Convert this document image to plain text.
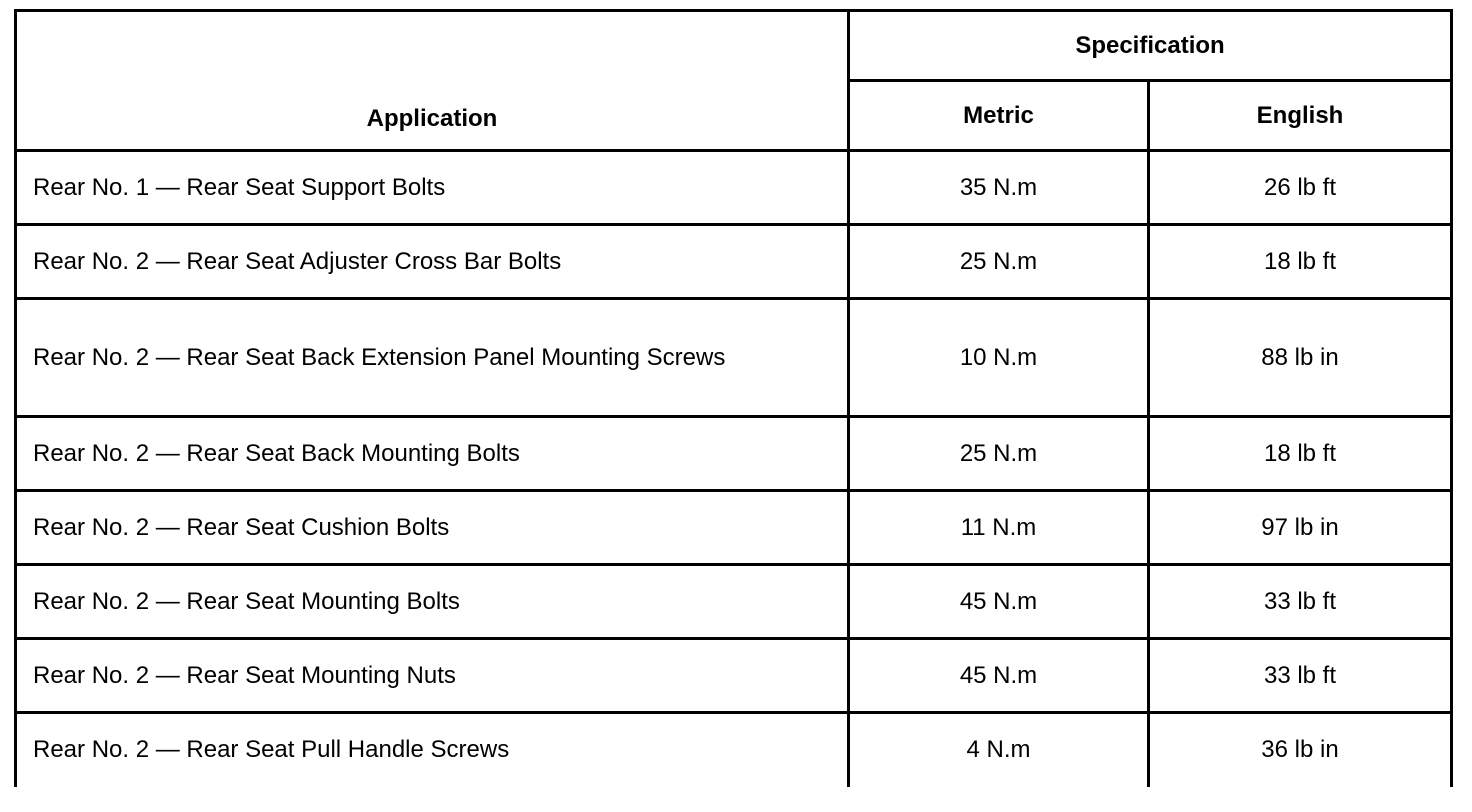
Application	Specification	
	Metric	English
Rear No. 1 — Rear Seat Support Bolts	35 N.m	26 lb ft
Rear No. 2 — Rear Seat Adjuster Cross Bar Bolts	25 N.m	18 lb ft
Rear No. 2 — Rear Seat Back Extension Panel Mounting Screws	10 N.m	88 lb in
Rear No. 2 — Rear Seat Back Mounting Bolts	25 N.m	18 lb ft
Rear No. 2 — Rear Seat Cushion Bolts	11 N.m	97 lb in
Rear No. 2 — Rear Seat Mounting Bolts	45 N.m	33 lb ft
Rear No. 2 — Rear Seat Mounting Nuts	45 N.m	33 lb ft
Rear No. 2 — Rear Seat Pull Handle Screws	4 N.m	36 lb in
